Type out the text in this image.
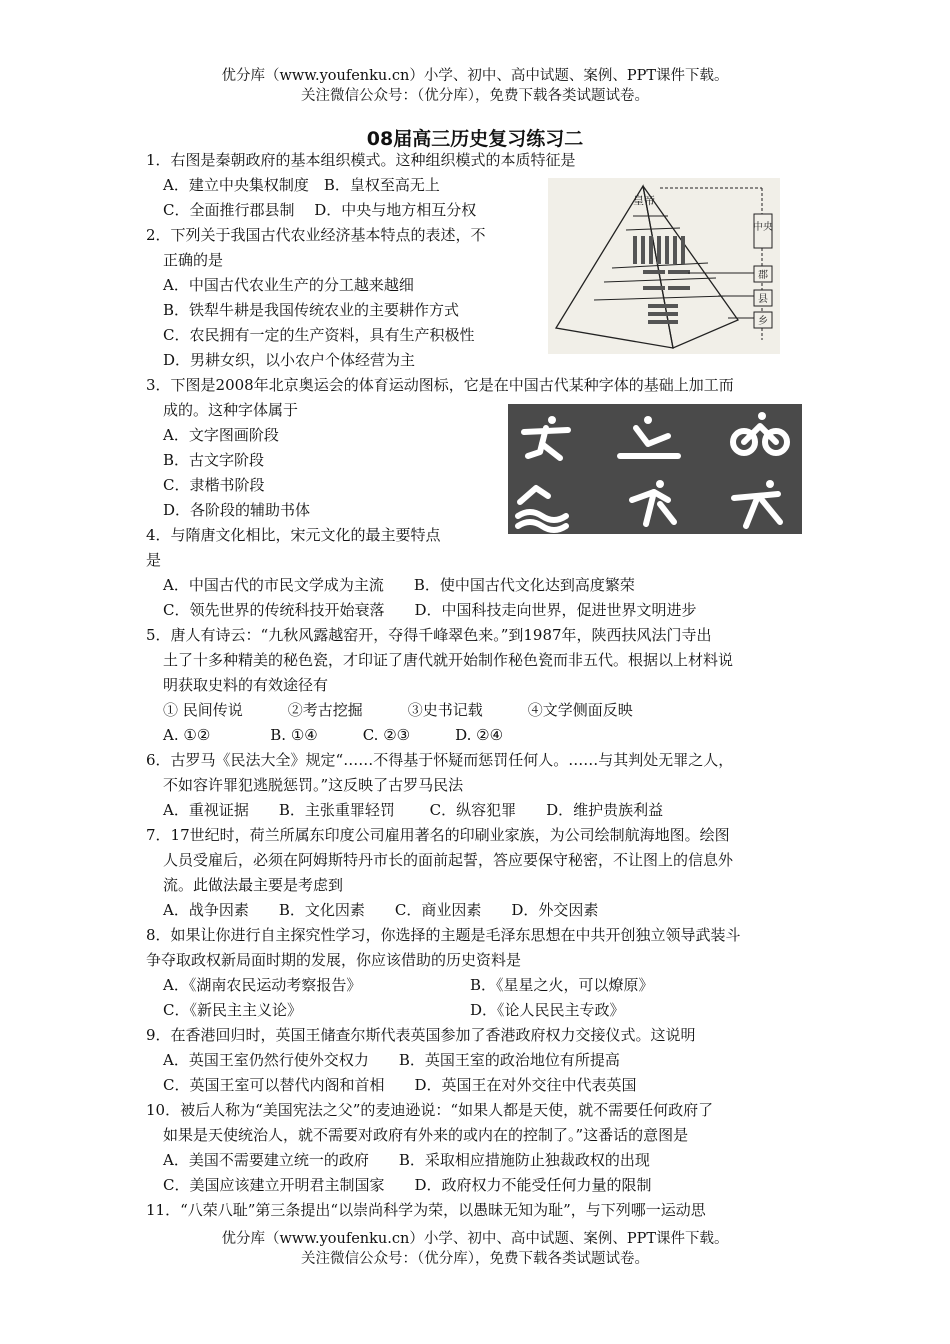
优分库（www.youfenku.cn）小学、初中、高中试题、案例、PPT课件下载。
关注微信公众号：（优分库），免费下载各类试题试卷。
08届高三历史复习练习二
1．右图是秦朝政府的基本组织模式。这种组织模式的本质特征是
A．建立中央集权制度　B．皇权至高无上
C．全面推行郡县制　 D．中央与地方相互分权
2．下列关于我国古代农业经济基本特点的表述，不
正确的是
A．中国古代农业生产的分工越来越细
B．铁犁牛耕是我国传统农业的主要耕作方式
C．农民拥有一定的生产资料，具有生产积极性
D．男耕女织，以小农户个体经营为主
皇帝
中央
郡
县
乡
3．下图是2008年北京奥运会的体育运动图标，它是在中国古代某种字体的基础上加工而
成的。这种字体属于
A．文字图画阶段
B．古文字阶段
C．隶楷书阶段
D．各阶段的辅助书体
4．与隋唐文化相比，宋元文化的最主要特点
是
A．中国古代的市民文学成为主流　　B．使中国古代文化达到高度繁荣
C．领先世界的传统科技开始衰落　　D．中国科技走向世界，促进世界文明进步
5．唐人有诗云：“九秋风露越窑开，夺得千峰翠色来。”到1987年，陕西扶风法门寺出
土了十多种精美的秘色瓷，才印证了唐代就开始制作秘色瓷而非五代。根据以上材料说
明获取史料的有效途径有
① 民间传说　　　②考古挖掘　　　③史书记载　　　④文学侧面反映
A. ①②　　　　B. ①④　　　C. ②③　　　D. ②④
6．古罗马《民法大全》规定“……不得基于怀疑而惩罚任何人。……与其判处无罪之人，
不如容许罪犯逃脱惩罚。”这反映了古罗马民法
A．重视证据　　B．主张重罪轻罚　　 C．纵容犯罪　　D．维护贵族利益
7．17世纪时，荷兰所属东印度公司雇用著名的印刷业家族，为公司绘制航海地图。绘图
人员受雇后，必须在阿姆斯特丹市长的面前起誓，答应要保守秘密，不让图上的信息外
流。此做法最主要是考虑到
A．战争因素　　B．文化因素　　C．商业因素　　D．外交因素
8．如果让你进行自主探究性学习，你选择的主题是毛泽东思想在中共开创独立领导武装斗
争夺取政权新局面时期的发展，你应该借助的历史资料是
A．《湖南农民运动考察报告》	B．《星星之火，可以燎原》
C．《新民主主义论》	D．《论人民民主专政》
9．在香港回归时，英国王储查尔斯代表英国参加了香港政府权力交接仪式。这说明
A．英国王室仍然行使外交权力　　B．英国王室的政治地位有所提高
C．英国王室可以替代内阁和首相　　D．英国王在对外交往中代表英国
10．被后人称为“美国宪法之父”的麦迪逊说：“如果人都是天使，就不需要任何政府了
如果是天使统治人，就不需要对政府有外来的或内在的控制了。”这番话的意图是
A．美国不需要建立统一的政府　　B．采取相应措施防止独裁政权的出现
C．美国应该建立开明君主制国家　　D．政府权力不能受任何力量的限制
11．“八荣八耻”第三条提出“以崇尚科学为荣，以愚昧无知为耻”，与下列哪一运动思
优分库（www.youfenku.cn）小学、初中、高中试题、案例、PPT课件下载。
关注微信公众号：（优分库），免费下载各类试题试卷。
